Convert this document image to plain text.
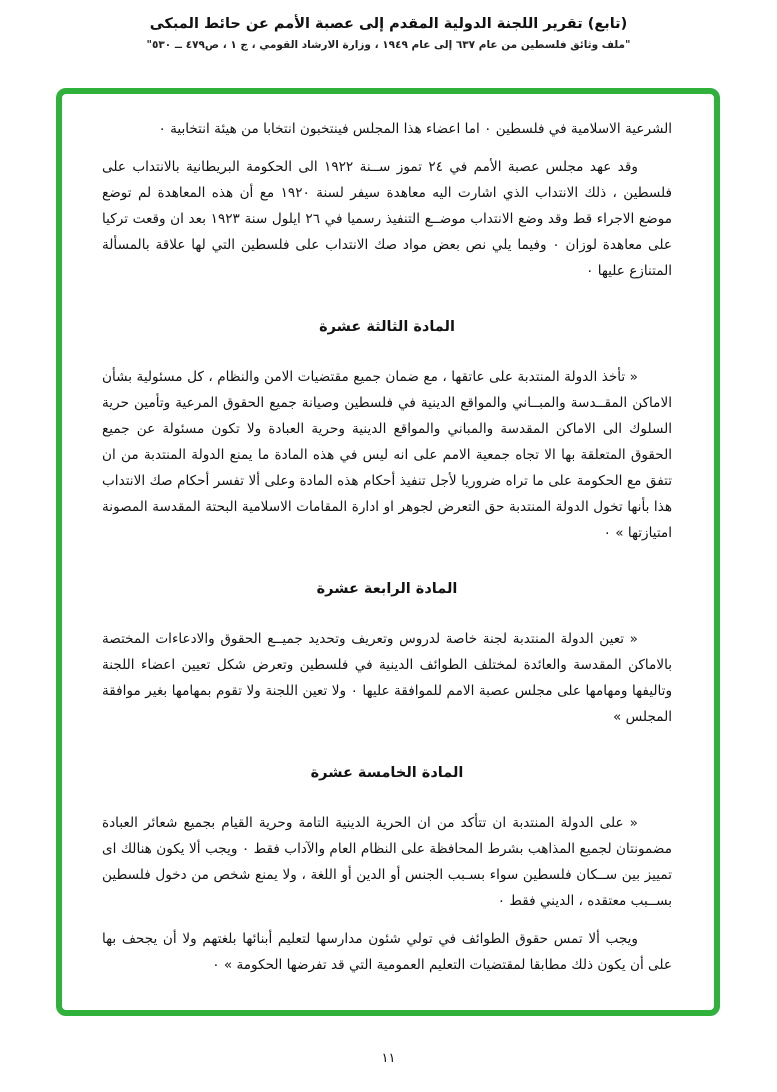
(تابع) تقرير اللجنة الدولية المقدم إلى عصبة الأمم عن حائط المبكى
"ملف وثائق فلسطين من عام ٦٣٧ إلى عام ١٩٤٩ ، وزارة الارشاد القومي ، ج ١ ، ص٤٧٩ ــ ٥٣٠"

الشرعية الاسلامية في فلسطين ٠ اما اعضاء هذا المجلس فينتخبون انتخابا من هيئة انتخابية ٠

وقد عهد مجلس عصبة الأمم في ٢٤ تموز ســنة ١٩٢٢ الى الحكومة البريطانية بالانتداب على فلسطين ، ذلك الانتداب الذي اشارت اليه معاهدة سيفر لسنة ١٩٢٠ مع أن هذه المعاهدة لم توضع موضع الاجراء قط وقد وضع الانتداب موضــع التنفيذ رسميا في ٢٦ ايلول سنة ١٩٢٣ بعد ان وقعت تركيا على معاهدة لوزان ٠ وفيما يلي نص بعض مواد صك الانتداب على فلسطين التي لها علاقة بالمسألة المتنازع عليها ٠

المادة الثالثة عشرة

« تأخذ الدولة المنتدبة على عاتقها ، مع ضمان جميع مقتضيات الامن والنظام ، كل مسئولية بشأن الاماكن المقــدسة والمبــاني والمواقع الدينية في فلسطين وصيانة جميع الحقوق المرعية وتأمين حرية السلوك الى الاماكن المقدسة والمباني والمواقع الدينية وحرية العبادة ولا تكون مسئولة عن جميع الحقوق المتعلقة بها الا تجاه جمعية الامم على انه ليس في هذه المادة ما يمنع الدولة المنتدبة من ان تتفق مع الحكومة على ما تراه ضروريا لأجل تنفيذ أحكام هذه المادة وعلى ألا تفسر أحكام صك الانتداب هذا بأنها تخول الدولة المنتدبة حق التعرض لجوهر او ادارة المقامات الاسلامية البحتة المقدسة المصونة امتيازتها » ٠

المادة الرابعة عشرة

« تعين الدولة المنتدبة لجنة خاصة لدروس وتعريف وتحديد جميــع الحقوق والادعاءات المختصة بالاماكن المقدسة والعائدة لمختلف الطوائف الدينية في فلسطين وتعرض شكل تعيين اعضاء اللجنة وتاليفها ومهامها على مجلس عصبة الامم للموافقة عليها ٠ ولا تعين اللجنة ولا تقوم بمهامها بغير موافقة المجلس »

المادة الخامسة عشرة

« على الدولة المنتدبة ان تتأكد من ان الحرية الدينية التامة وحرية القيام بجميع شعائر العبادة مضمونتان لجميع المذاهب بشرط المحافظة على النظام العام والآداب فقط ٠ ويجب ألا يكون هنالك اى تمييز بين ســكان فلسطين سواء بسـبب الجنس أو الدين أو اللغة ، ولا يمنع شخص من دخول فلسطين بســبب معتقده ، الديني فقط ٠

ويجب ألا تمس حقوق الطوائف في تولي شئون مدارسها لتعليم أبنائها بلغتهم ولا أن يجحف بها على أن يكون ذلك مطابقا لمقتضيات التعليم العمومية التي قد تفرضها الحكومة » ٠

١١
